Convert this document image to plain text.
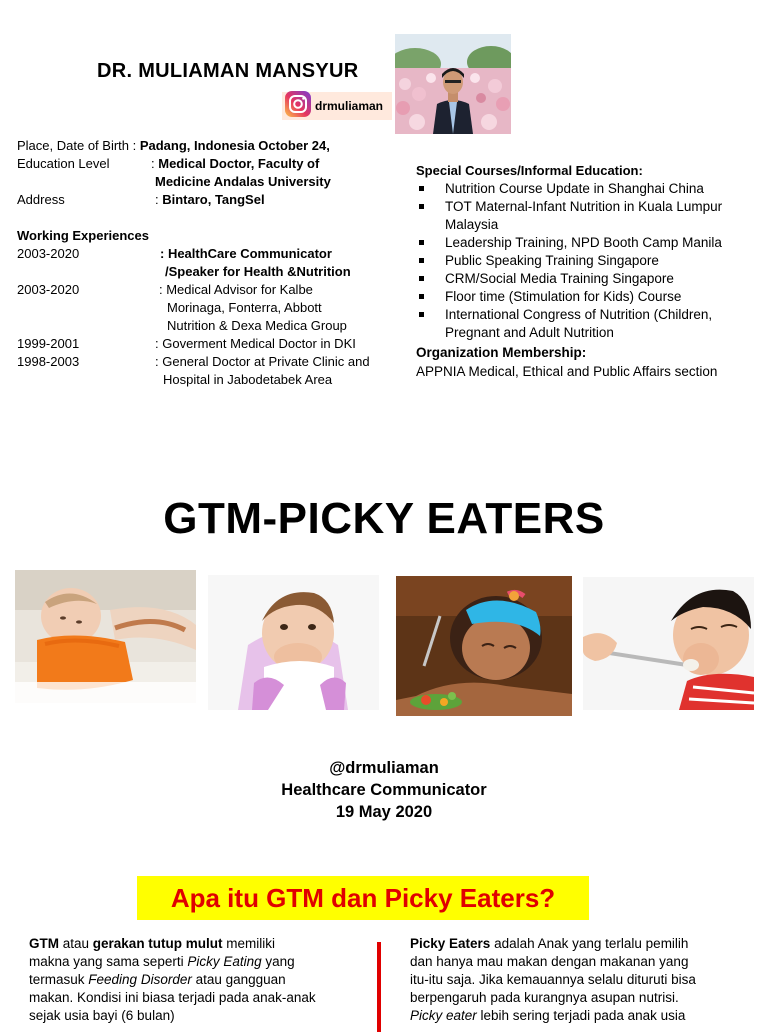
DR. MULIAMAN MANSYUR
drmuliaman
Place, Date of Birth : Padang, Indonesia October 24,
Education Level	: Medical Doctor, Faculty of
Medicine Andalas University
Address	: Bintaro, TangSel
Working Experiences
2003-2020	: HealthCare Communicator
/Speaker for Health &Nutrition
2003-2020	: Medical Advisor for Kalbe
Morinaga, Fonterra, Abbott
Nutrition & Dexa Medica Group
1999-2001	: Goverment Medical Doctor in DKI
1998-2003	: General Doctor at Private Clinic and
Hospital in Jabodetabek Area
Special Courses/Informal Education:
Nutrition Course Update in Shanghai China
TOT Maternal-Infant Nutrition in Kuala Lumpur
Malaysia
Leadership Training, NPD Booth Camp Manila
Public Speaking Training Singapore
CRM/Social Media Training Singapore
Floor time (Stimulation for Kids) Course
International Congress of Nutrition (Children,
Pregnant and Adult Nutrition
Organization Membership:
APPNIA Medical, Ethical and Public Affairs section
GTM-PICKY EATERS
@drmuliaman
Healthcare Communicator
19 May 2020
Apa itu GTM dan Picky Eaters?
GTM atau gerakan tutup mulut memiliki
makna yang sama seperti Picky Eating yang
termasuk Feeding Disorder atau gangguan
makan. Kondisi ini biasa terjadi pada anak-anak
sejak usia bayi (6 bulan)
Picky Eaters adalah Anak yang terlalu pemilih
dan hanya mau makan dengan makanan yang
itu-itu saja. Jika kemauannya selalu dituruti bisa
berpengaruh pada kurangnya asupan nutrisi.
Picky eater lebih sering terjadi pada anak usia
